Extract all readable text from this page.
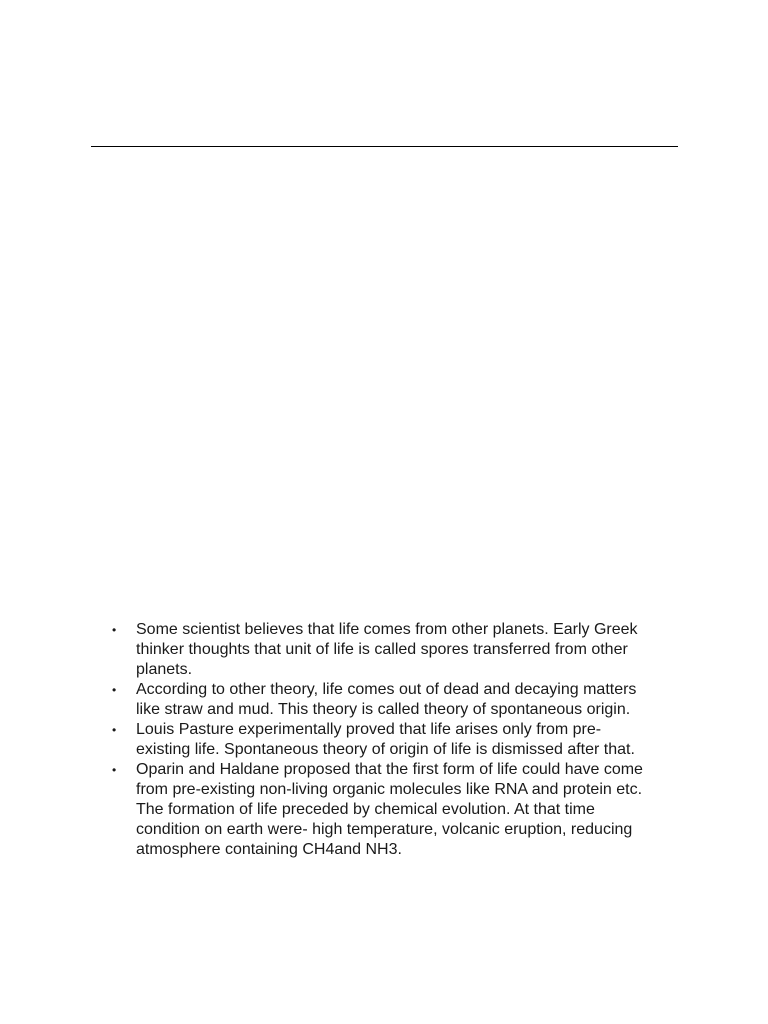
• Some scientist believes that life comes from other planets. Early Greek
thinker thoughts that unit of life is called spores transferred from other
planets.
• According to other theory, life comes out of dead and decaying matters
like straw and mud. This theory is called theory of spontaneous origin.
• Louis Pasture experimentally proved that life arises only from pre-
existing life. Spontaneous theory of origin of life is dismissed after that.
• Oparin and Haldane proposed that the first form of life could have come
from pre-existing non-living organic molecules like RNA and protein etc.
The formation of life preceded by chemical evolution. At that time
condition on earth were- high temperature, volcanic eruption, reducing
atmosphere containing CH4and NH3.
